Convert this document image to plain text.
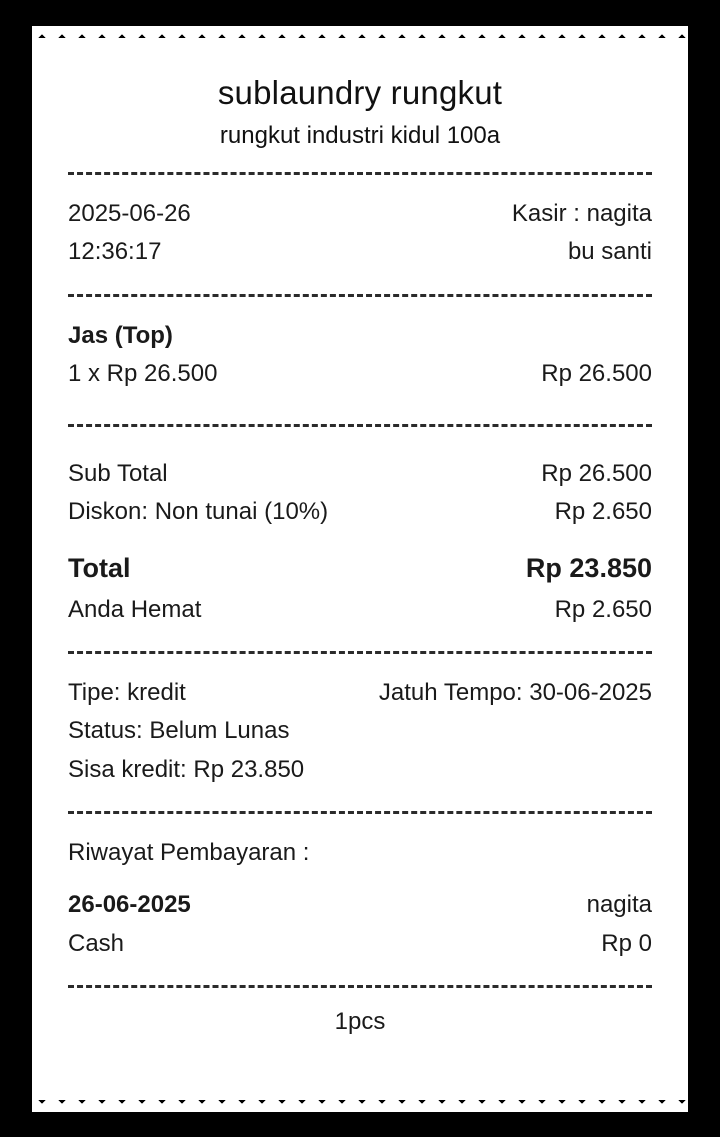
sublaundry rungkut
rungkut industri kidul 100a
2025-06-26	Kasir : nagita
12:36:17	bu santi
Jas (Top)
1 x Rp 26.500	Rp 26.500
Sub Total	Rp 26.500
Diskon: Non tunai (10%)	Rp 2.650
Total	Rp 23.850
Anda Hemat	Rp 2.650
Tipe: kredit	Jatuh Tempo: 30-06-2025
Status: Belum Lunas
Sisa kredit: Rp 23.850
Riwayat Pembayaran :
26-06-2025	nagita
Cash	Rp 0
1pcs
